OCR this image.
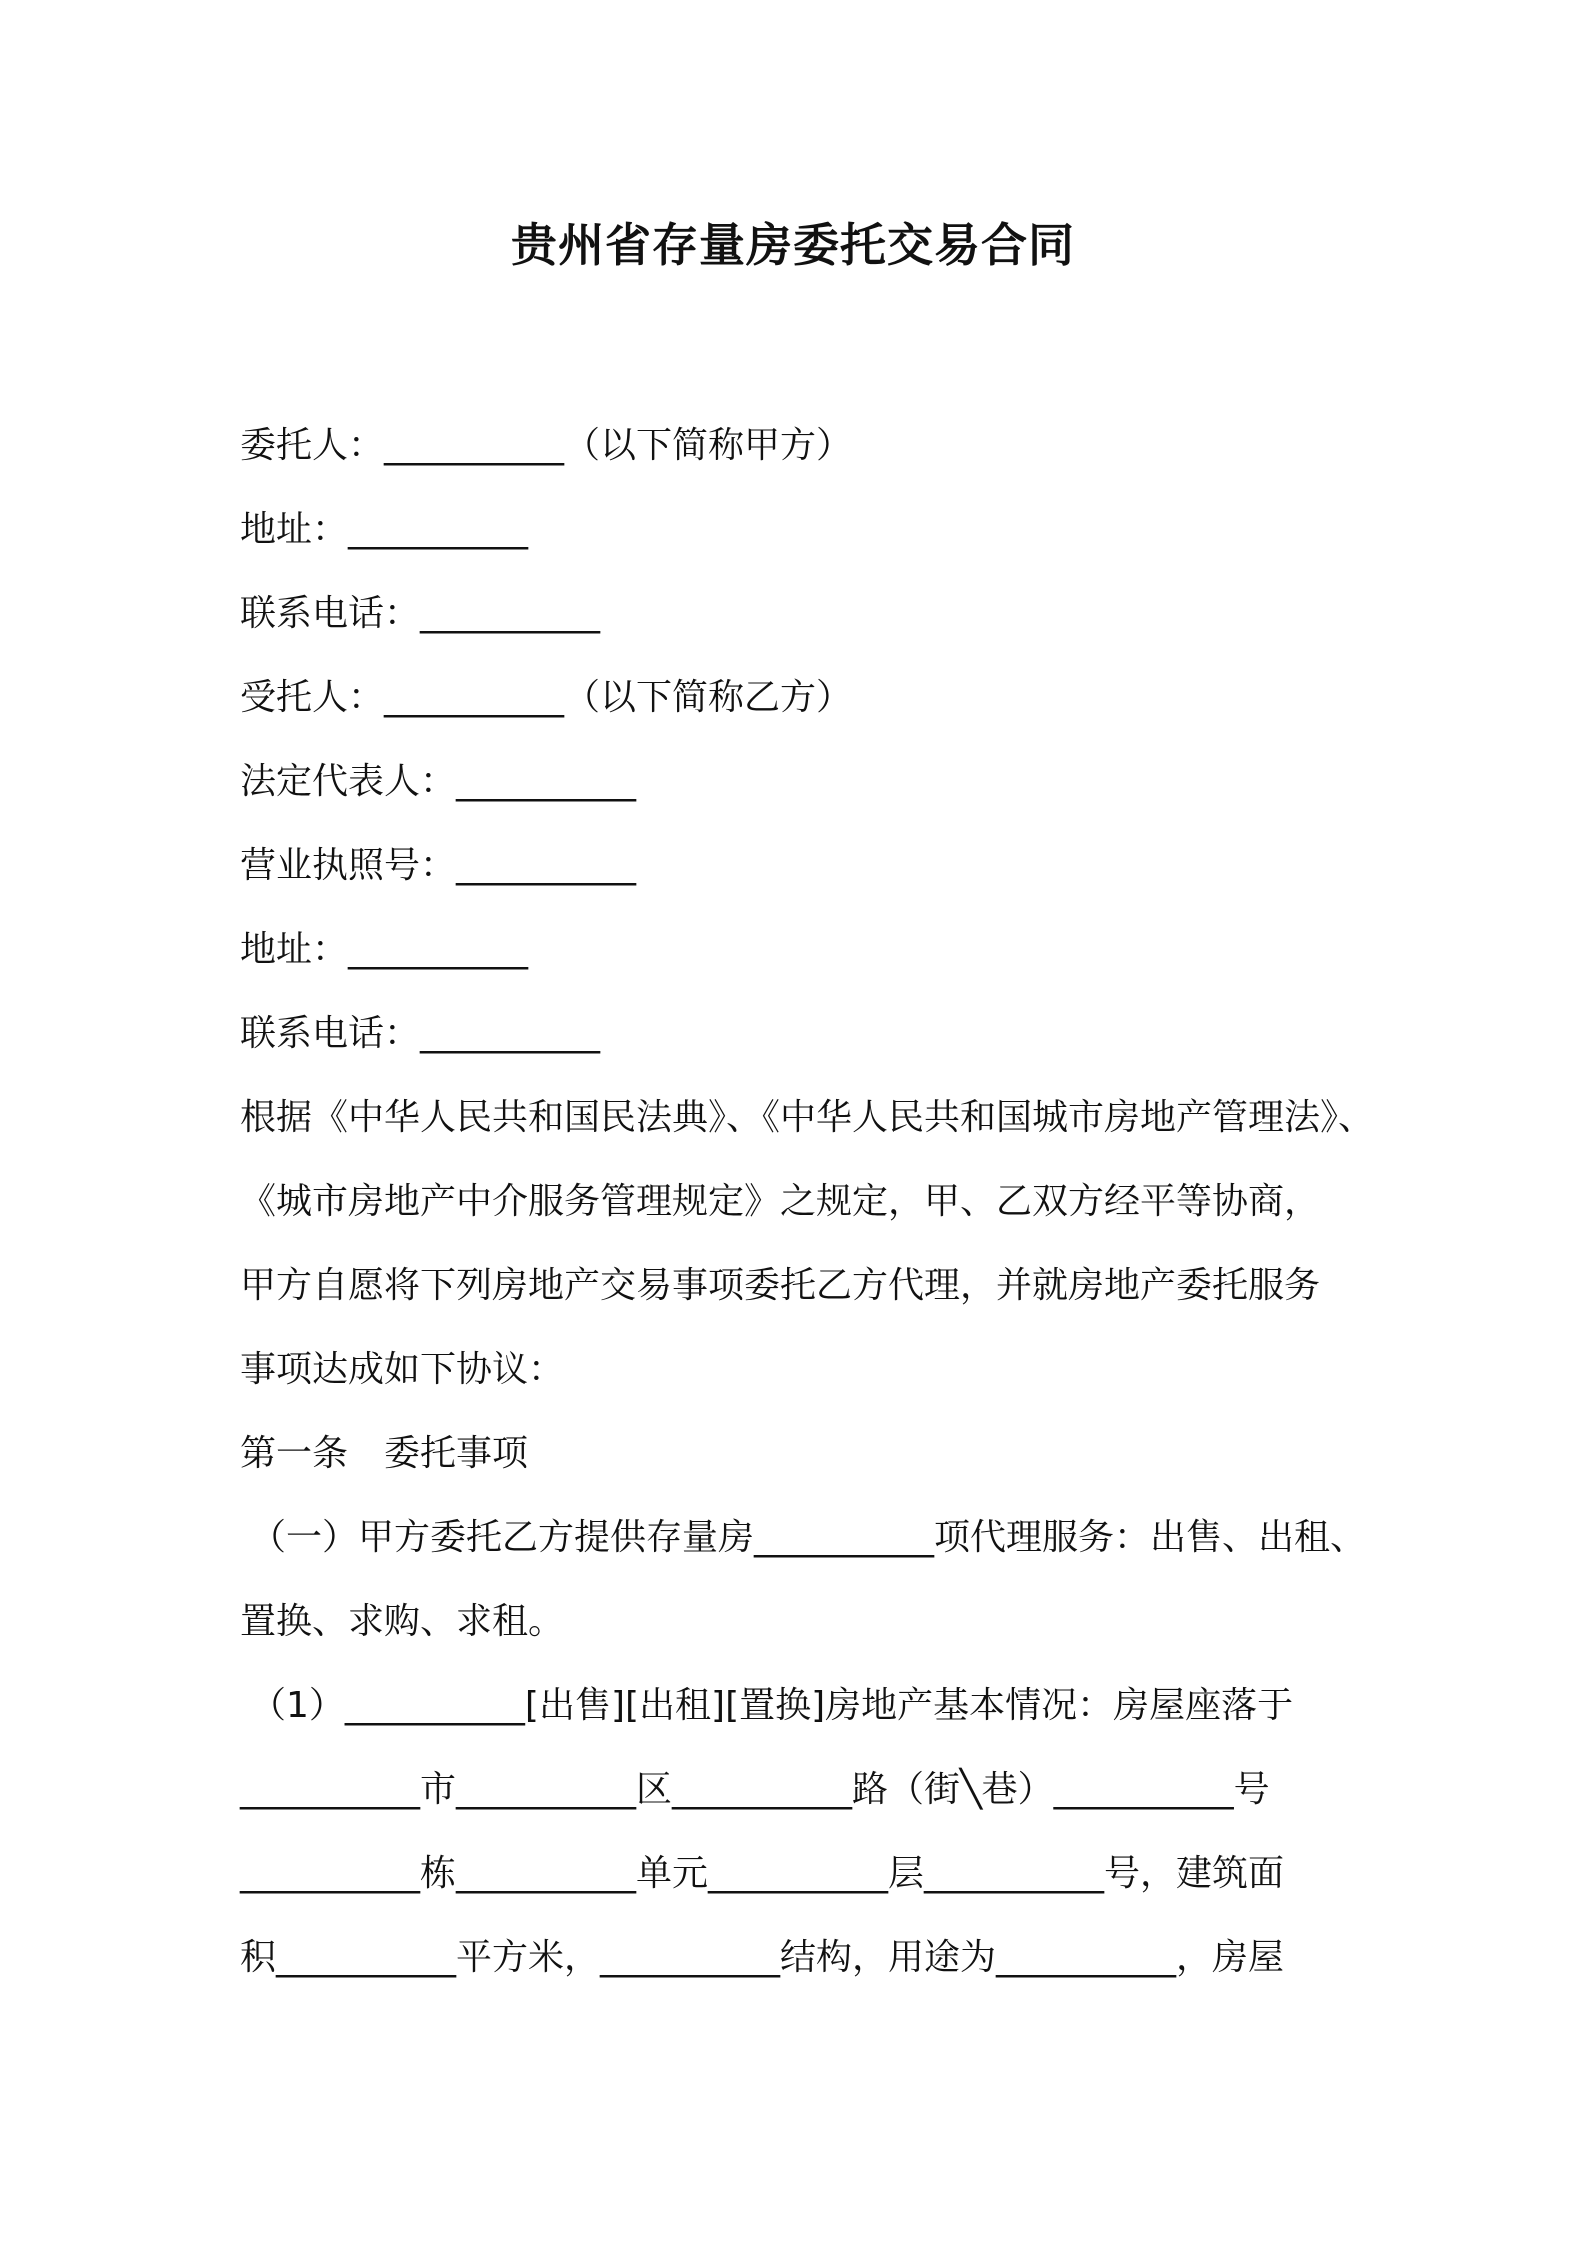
贵州省存量房委托交易合同
委托人：__________（以下简称甲方）
地址：__________
联系电话：__________
受托人：__________（以下简称乙方）
法定代表人：__________
营业执照号：__________
地址：__________
联系电话：__________
根据《中华人民共和国民法典》、《中华人民共和国城市房地产管理法》、
《城市房地产中介服务管理规定》之规定，甲、乙双方经平等协商，
甲方自愿将下列房地产交易事项委托乙方代理，并就房地产委托服务
事项达成如下协议：
第一条　委托事项
（一）甲方委托乙方提供存量房__________项代理服务：出售、出租、
置换、求购、求租。
（1）__________[出售][出租][置换]房地产基本情况：房屋座落于
__________市__________区__________路（街╲巷）__________号
__________栋__________单元__________层__________号，建筑面
积__________平方米，__________结构，用途为__________，房屋
